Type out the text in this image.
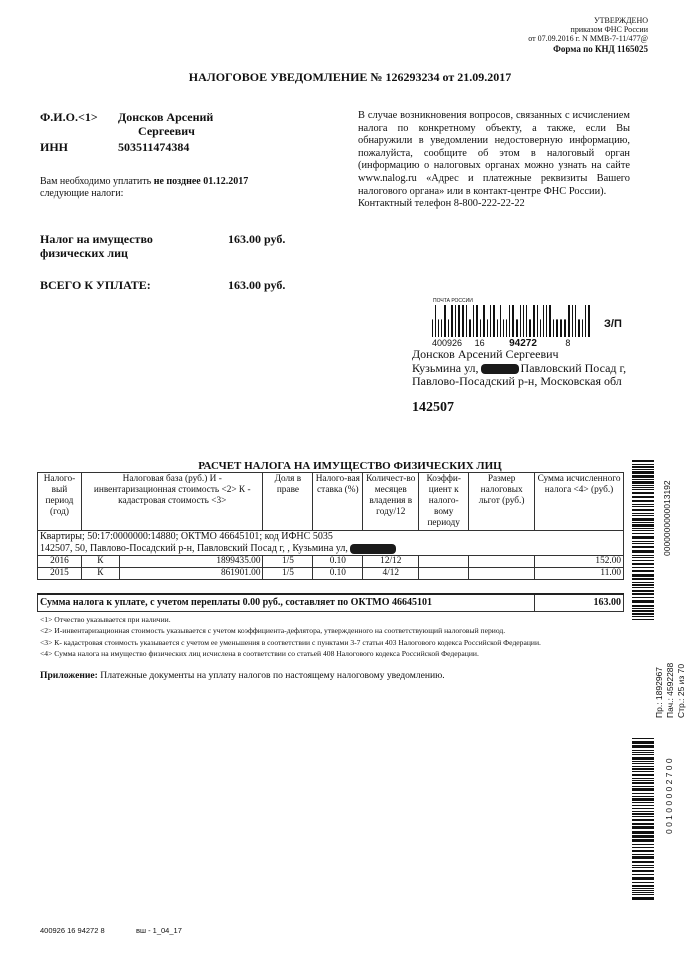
УТВЕРЖДЕНО
приказом ФНС России
от 07.09.2016 г. N ММВ-7-11/477@
Форма по КНД 1165025
НАЛОГОВОЕ УВЕДОМЛЕНИЕ № 126293234 от 21.09.2017
Ф.И.О.<1> Донсков Арсений
Сергеевич
ИНН	503511474384
В случае возникновения вопросов, связанных с исчислением налога по конкретному объекту, а также, если Вы обнаружили в уведомлении недостоверную информацию, пожалуйста, сообщите об этом в налоговый орган (информацию о налоговых органах можно узнать на сайте www.nalog.ru «Адрес и платежные реквизиты Вашего налогового органа» или в контакт-центре ФНС России).
Контактный телефон 8-800-222-22-22
Вам необходимо уплатить не позднее 01.12.2017
следующие налоги:
Налог на имущество
физических лиц
163.00 руб.
ВСЕГО К УПЛАТЕ:	163.00 руб.
ПОЧТА РОССИИ
400926 16 94272	8
З/П
Донсков Арсений Сергеевич
Кузьмина ул,	Павловский Посад г,
Павлово-Посадский р-н, Московская обл
142507
РАСЧЕТ НАЛОГА НА ИМУЩЕСТВО ФИЗИЧЕСКИХ ЛИЦ
Налого-вый период (год)	Налоговая база (руб.) И - инвентаризационная стоимость <2> К - кадастровая стоимость <3>		Доля в праве	Налого-вая ставка (%)	Количест-во месяцев владения в году/12	Коэффи-циент к налого-вому периоду	Размер налоговых льгот (руб.)	Сумма исчисленного налога <4> (руб.)

Квартиры; 50:17:0000000:14880; ОКТМО 46645101; код ИФНС 5035
142507, 50, Павлово-Посадский р-н, Павловский Посад г, , Кузьмина ул,								

2016	К	1899435.00	1/5	0.10	12/12			152.00
2015	К	861901.00	1/5	0.10	4/12			11.00

Сумма налога к уплате, с учетом переплаты 0.00 руб., составляет по ОКТМО 46645101								163.00
<1> Отчество указывается при наличии.
<2> И-инвентаризационная стоимость указывается с учетом коэффициента-дефлятора, утвержденного на соответствующий налоговый период.
<3> К- кадастровая стоимость указывается с учетом ее уменьшения в соответствии с пунктами 3-7 статьи 403 Налогового кодекса Российской Федерации.
<4> Сумма налога на имущество физических лиц исчислена в соответствии со статьей 408 Налогового кодекса Российской Федерации.
Приложение: Платежные документы на уплату налогов по настоящему налоговому уведомлению.
400926 16 94272 8	вш - 1_04_17
0000000000013192
Пр.: 1892967 Пач.: 4592288 Стр.: 25 из 70
0 0 1 0 0 0 0 2 7 0 0
